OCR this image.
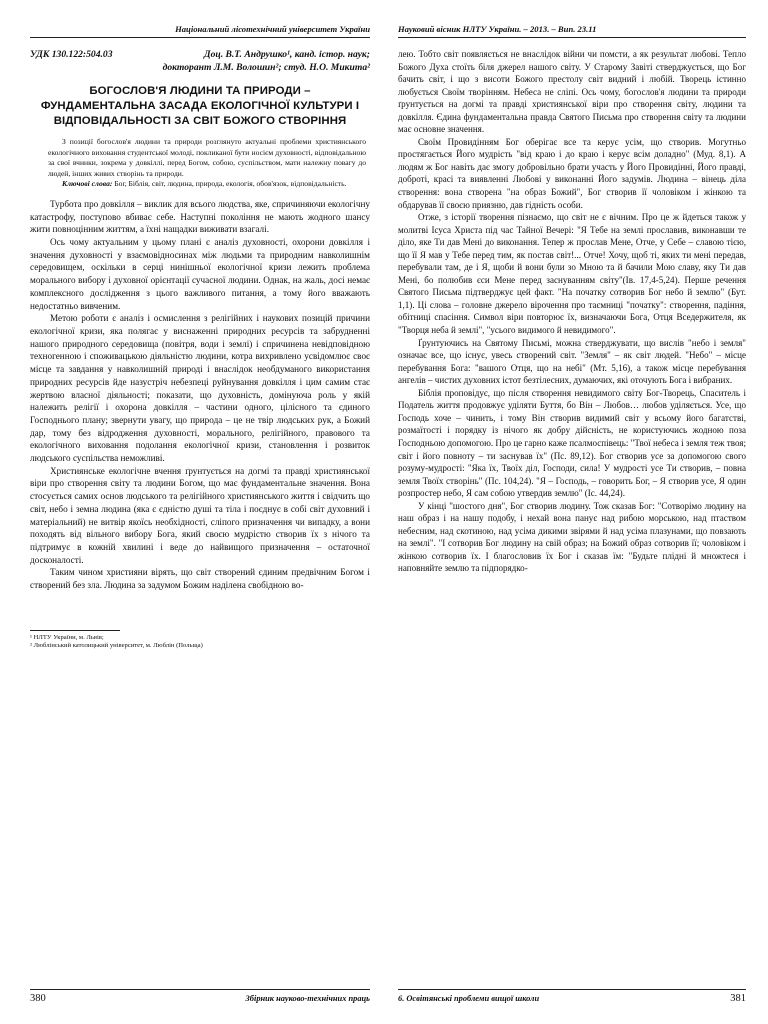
Національний лісотехнічний університет України
УДК 130.122:504.03	Доц. В.Т. Андрушко¹, канд. істор. наук;
докторант Л.М. Волошин²; студ. Н.О. Микита²
БОГОСЛОВ'Я ЛЮДИНИ ТА ПРИРОДИ – ФУНДАМЕНТАЛЬНА ЗАСАДА ЕКОЛОГІЧНОЇ КУЛЬТУРИ І ВІДПОВІДАЛЬНОСТІ ЗА СВІТ БОЖОГО СТВОРІННЯ

З позиції богослов'я людини та природи розглянуто актуальні проблеми християнського екологічного виховання студентської молоді, покликаної бути носієм духовності, відповідальною за свої вчинки, зокрема у довкіллі, перед Богом, собою, суспільством, мати належну повагу до людей, інших живих створінь та природи.

Ключові слова: Бог, Біблія, світ, людина, природа, екологія, обов'язок, відповідальність.

Турбота про довкілля – виклик для всього людства, яке, спричиняючи екологічну катастрофу, поступово вбиває себе. Наступні покоління не мають жодного шансу жити повноцінним життям, а їхні нащадки виживати взагалі.

Ось чому актуальним у цьому плані є аналіз духовності, охорони довкілля і значення духовності у взаємовідносинах між людьми та природним навколишнім середовищем, оскільки в серцi нинішньої екологічної кризи лежить проблема морального вибору і духовної орієнтації сучасної людини. Однак, на жаль, досі немає комплексного дослідження з цього важливого питання, а тому його вважають недостатньо вивченим.

Метою роботи є аналіз і осмислення з релігійних і наукових позицій причини екологічної кризи, яка полягає у виснаженні природних ресурсів та забрудненні нашого природного середовища (повітря, води і землі) і спричинена невідповідною техногенною і споживацькою діяльністю людини, котра вихривлено усвідомлює своє місце та завдання у навколишній природі і внаслідок необдуманого використання природних ресурсів йде назустріч небезпеці руйнування довкілля і цим самим стає жертвою власної діяльності; показати, що духовність, домінуюча роль у якій належить релігії і охорона довкілля – частини одного, цілісного та єдиного Господнього плану; звернути увагу, що природа – це не твір людських рук, а Божий дар, тому без відродження духовності, морального, релігійного, правового та екологічного виховання подолання екологічної кризи, становлення і розвиток людського суспільства неможливі.

Християнське екологічне вчення ґрунтується на догмі та правді християнської віри про створення світу та людини Богом, що має фундаментальне значення. Вона стосується самих основ людського та релігійного християнського життя і свідчить що світ, небо і земна людина (яка є єдністю душі та тіла і поєднує в собі світ духовний і матеріальний) не витвір якоїсь необхідності, сліпого призначення чи випадку, а вони походять від вільного вибору Бога, який своєю мудрістю створив їх з нічого та підтримує в кожній хвилині і веде до найвищого призначення – остаточної досконалості.

Таким чином християни вірять, що світ створений єдиним предвічним Богом і створений без зла. Людина за задумом Божим наділена свобідною во-

¹ НЛТУ України, м. Львів;
² Люблінський католицький університет, м. Люблін (Польща)
380	Збірник науково-технічних праць
Науковий вісник НЛТУ України. – 2013. – Вип. 23.11

лею. Тобто світ появляється не внаслідок війни чи помсти, а як результат любові. Тепло Божого Духа стоїть біля джерел нашого світу. У Старому Завіті стверджується, що Бог бачить світ, і що з висоти Божого престолу світ видний і любій. Творець істинно любується Своїм творінням. Небеса не сліпі. Ось чому, богослов'я людини та природи ґрунтується на догмі та правді християнської віри про створення світу, людини та довкілля. Єдина фундаментальна правда Святого Письма про створення світу та людини має основне значення.

Своїм Провидінням Бог оберігає все та керує усім, що створив. Могутньо простягається Його мудрість "від краю і до краю і керує всім доладно" (Муд. 8,1). А людям ж Бог навіть дає змогу добровільно брати участь у Його Провидінні, Його правді, доброті, красі та виявленні Любові у виконанні Його задумів. Людина – вінець діла створення: вона створена "на образ Божий", Бог створив її чоловіком і жінкою та обдарував її своєю приязню, дав гідність особи.

Отже, з історії творення пізнаємо, що світ не є вічним. Про це ж йдеться також у молитві Ісуса Христа під час Тайної Вечері: "Я Тебе на землі прославив, виконавши те діло, яке Ти дав Мені до виконання. Тепер ж прослав Мене, Отче, у Себе – славою тією, що її Я мав у Тебе перед тим, як постав світ!... Отче! Хочу, щоб ті, яких ти мені передав, перебували там, де і Я, щоби й вони були зо Мною та й бачили Мою славу, яку Ти дав Мені, бо полюбив єси Мене перед заснуванням світу"(Ів. 17,4-5,24). Перше речення Святого Письма підтверджує цей факт. "На початку сотворив Бог небо й землю" (Бут. 1,1). Ці слова – головне джерело вірочення про таємниці "початку": створення, падіння, обітниці спасіння. Символ віри повторює їх, визначаючи Бога, Отця Вседержителя, як "Творця неба й землі", "усього видимого й невидимого".

Ґрунтуючись на Святому Письмі, можна стверджувати, що вислів "небо і земля" означає все, що існує, увесь створений світ. "Земля" – як світ людей. "Небо" – місце перебування Бога: "вашого Отця, що на небі" (Мт. 5,16), а також місце перебування ангелів – чистих духовних істот безтілесних, думаючих, які оточують Бога і вибраних.

Біблія проповідує, що після створення невидимого світу Бог-Творець, Спаситель і Податель життя продовжує уділяти Буття, бо Він – Любов… любов уділяється. Усе, що Господь хоче – чинить, і тому Він створив видимий світ у всьому його багатстві, розмаїтості і порядку із нічого як добру дійсність, не користуючись жодною поза Господньою допомогою. Про це гарно каже псалмоспівець: "Твої небеса і земля теж твоя; світ і його повноту – ти заснував їх" (Пс. 89,12). Бог створив усе за допомогою свого розуму-мудрості: "Яка їх, Твоїх діл, Господи, сила! У мудрості усе Ти створив, – повна земля Твоїх створінь" (Пс. 104,24). "Я – Господь, – говорить Бог, – Я створив усе, Я один розпростер небо, Я сам собою утвердив землю" (Іс. 44,24).

У кінці "шостого дня", Бог створив людину. Тож сказав Бог: "Сотворімо людину на наш образ і на нашу подобу, і нехай вона панує над рибою морською, над птаством небесним, над скотиною, над усіма дикими звірями й над усіма плазунами, що повзають на землі". "І сотворив Бог людину на свій образ; на Божий образ сотворив її; чоловіком і жінкою сотворив їх. І благословив їх Бог і сказав їм: "Будьте плідні й множтеся і наповняйте землю та підпорядко-

6. Освітянські проблеми вищої школи	381
